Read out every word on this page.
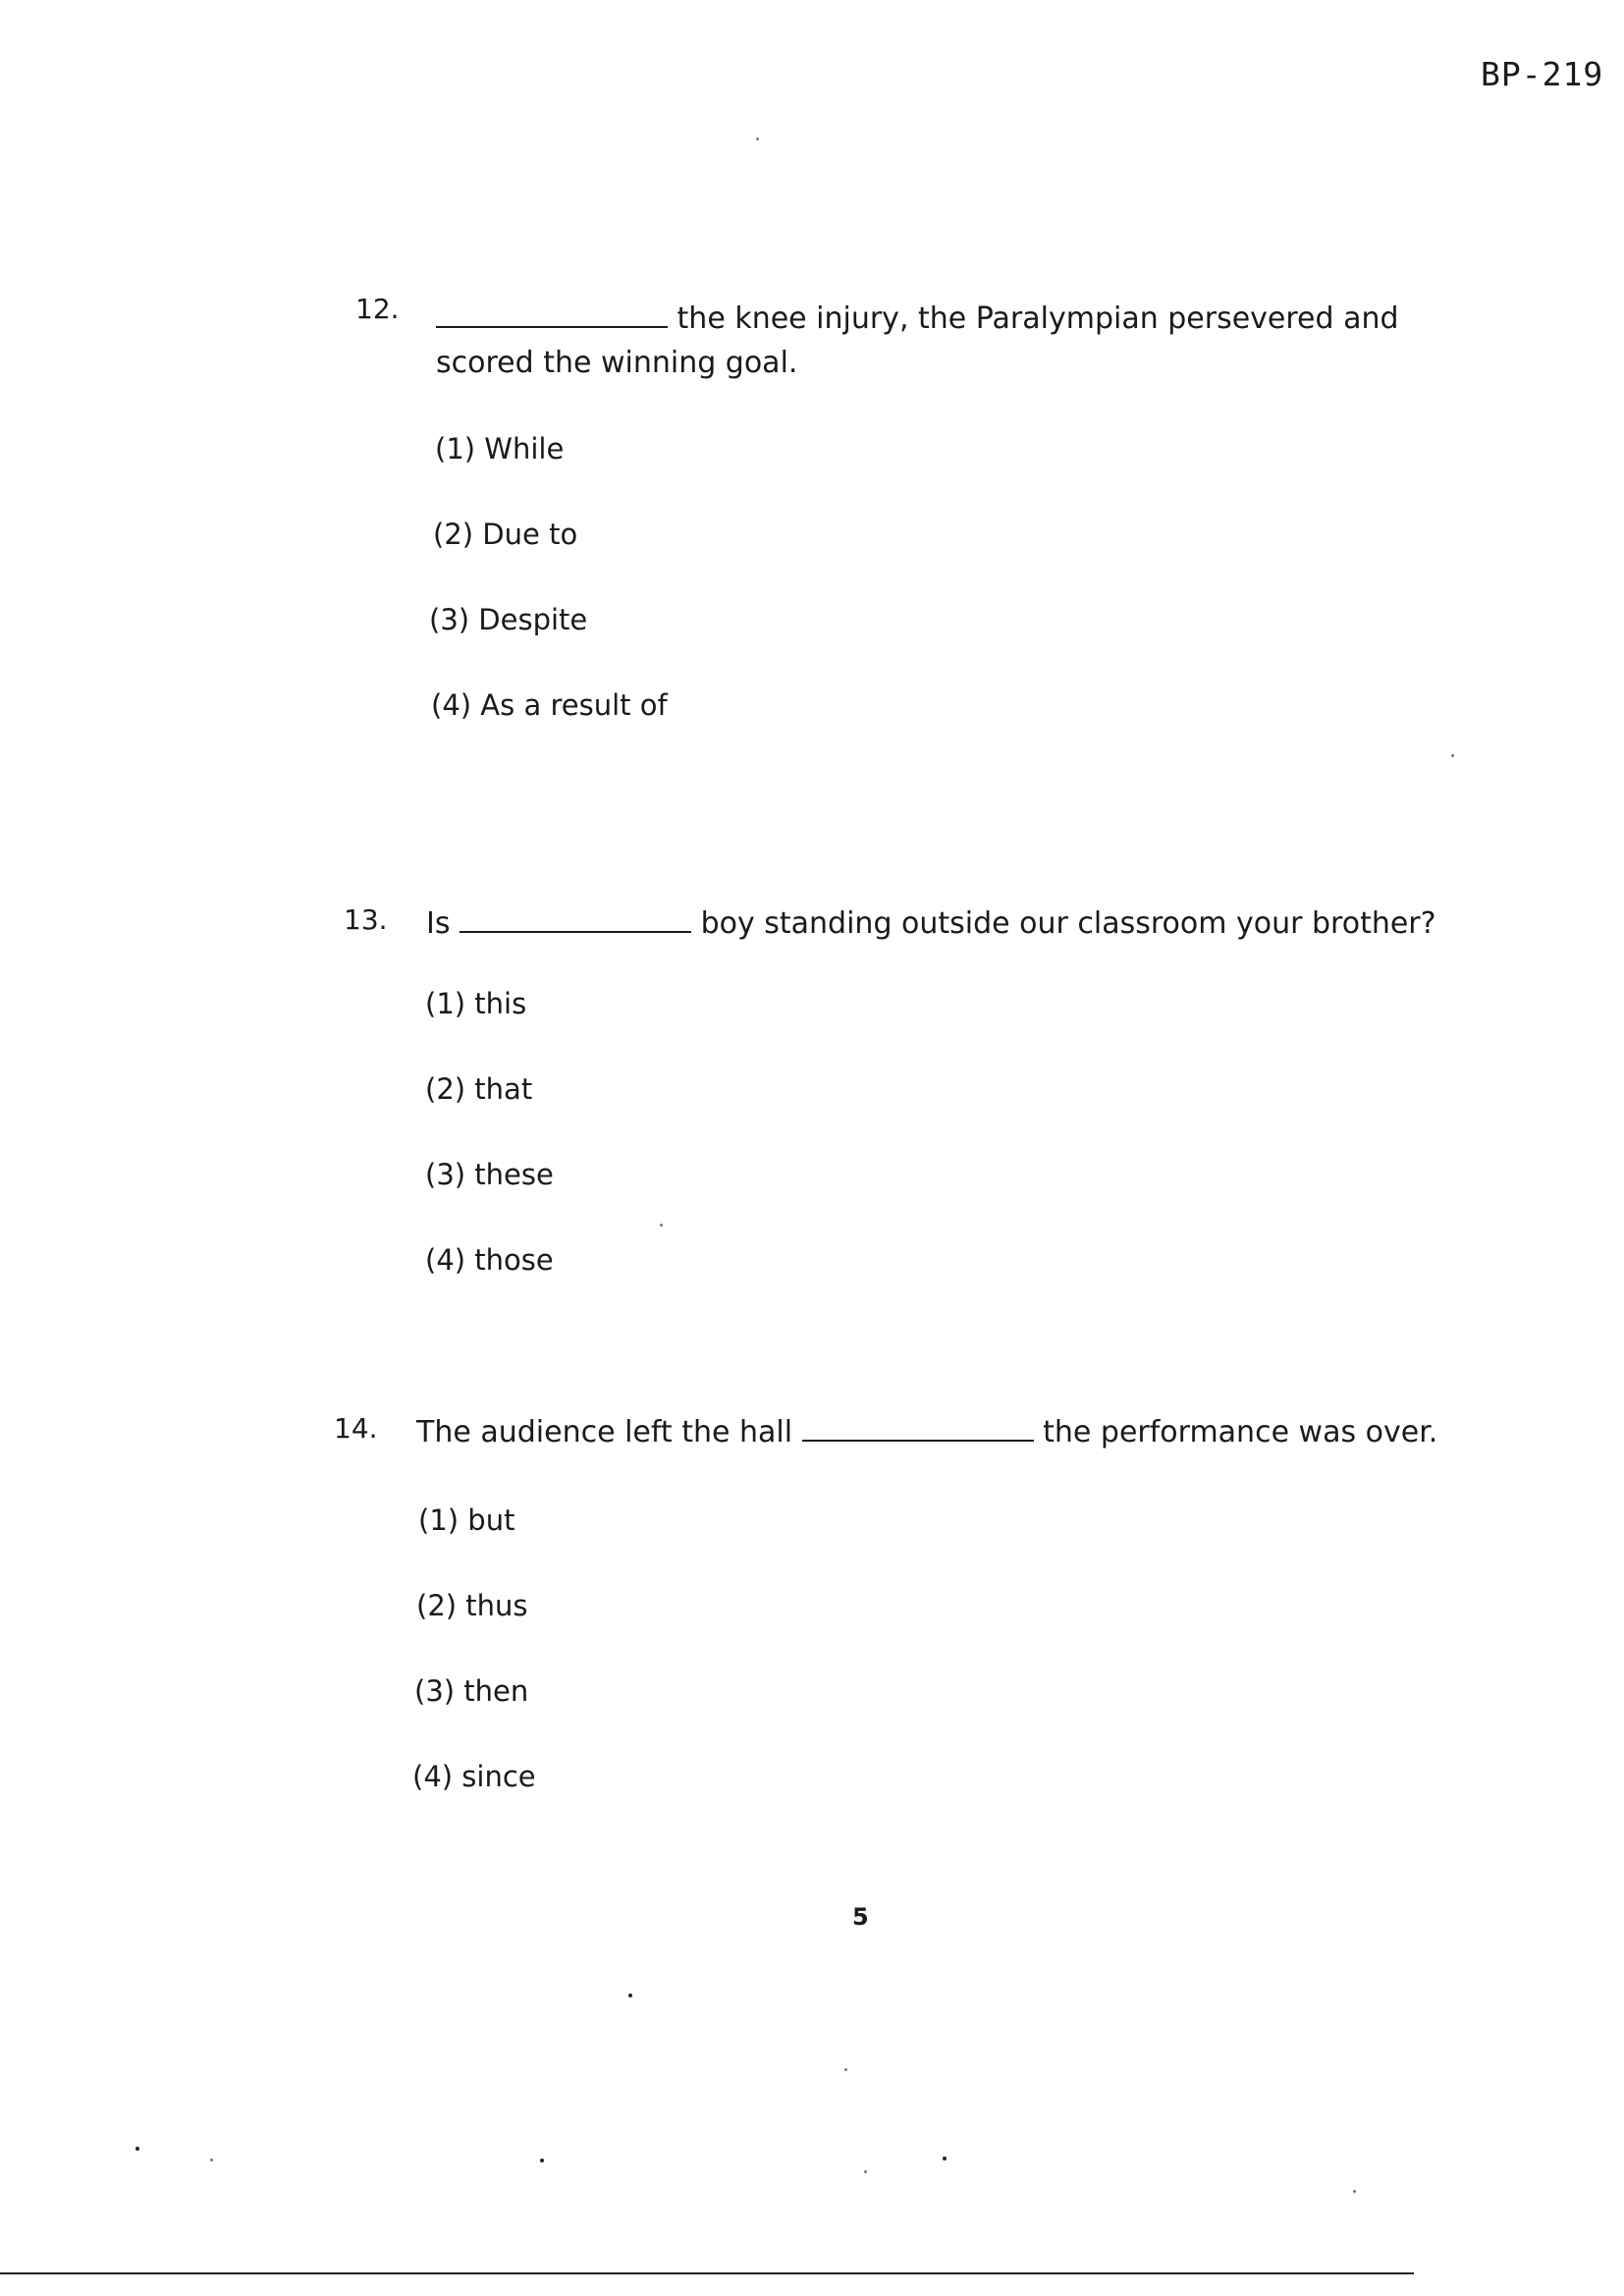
BP-219
12.	the knee injury, the Paralympian persevered and
scored the winning goal.
(1) While
(2) Due to
(3) Despite
(4) As a result of
13. Is	boy standing outside our classroom your brother?
(1) this
(2) that
(3) these
(4) those
14. The audience left the hall	the performance was over.
(1) but
(2) thus
(3) then
(4) since
5
